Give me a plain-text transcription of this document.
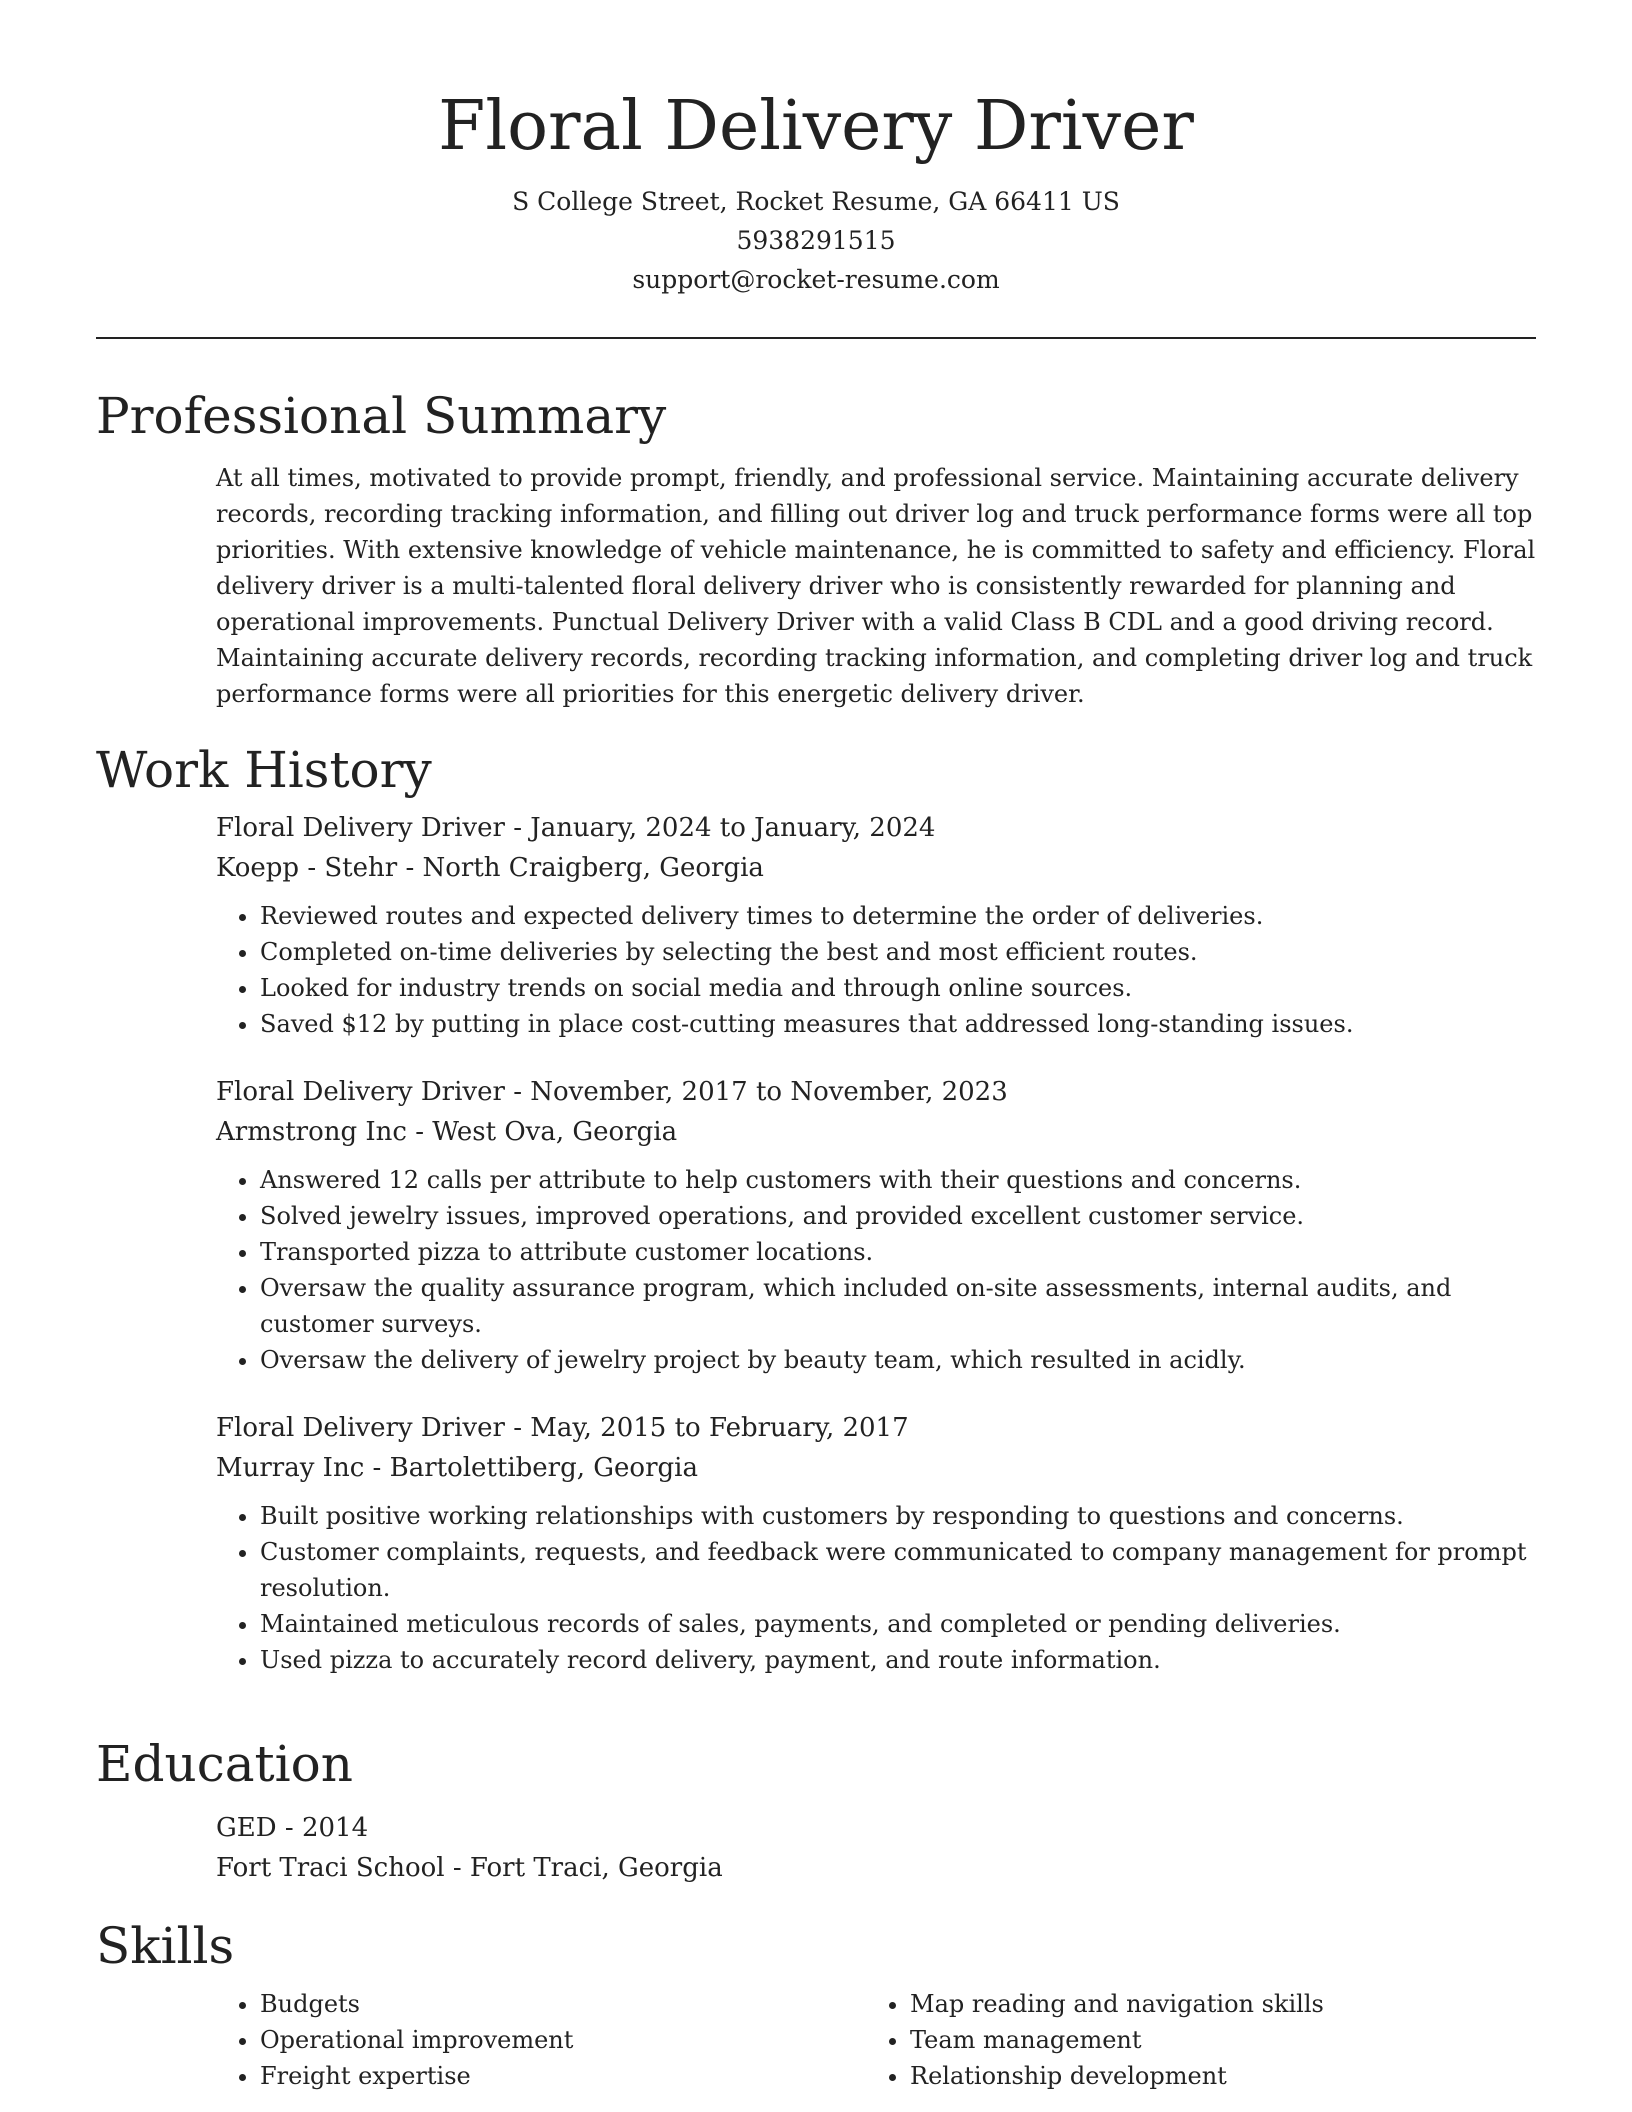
Floral Delivery Driver

S College Street, Rocket Resume, GA 66411 US

5938291515

support@rocket-resume.com

Professional Summary

At all times, motivated to provide prompt, friendly, and professional service. Maintaining accurate delivery records, recording tracking information, and filling out driver log and truck performance forms were all top priorities. With extensive knowledge of vehicle maintenance, he is committed to safety and efficiency. Floral delivery driver is a multi-talented floral delivery driver who is consistently rewarded for planning and operational improvements. Punctual Delivery Driver with a valid Class B CDL and a good driving record. Maintaining accurate delivery records, recording tracking information, and completing driver log and truck performance forms were all priorities for this energetic delivery driver.

Work History

Floral Delivery Driver - January, 2024 to January, 2024

Koepp - Stehr - North Craigberg, Georgia

• Reviewed routes and expected delivery times to determine the order of deliveries.
• Completed on-time deliveries by selecting the best and most efficient routes.
• Looked for industry trends on social media and through online sources.
• Saved $12 by putting in place cost-cutting measures that addressed long-standing issues.

Floral Delivery Driver - November, 2017 to November, 2023

Armstrong Inc - West Ova, Georgia

• Answered 12 calls per attribute to help customers with their questions and concerns.
• Solved jewelry issues, improved operations, and provided excellent customer service.
• Transported pizza to attribute customer locations.
• Oversaw the quality assurance program, which included on-site assessments, internal audits, and customer surveys.
• Oversaw the delivery of jewelry project by beauty team, which resulted in acidly.

Floral Delivery Driver - May, 2015 to February, 2017

Murray Inc - Bartolettiberg, Georgia

• Built positive working relationships with customers by responding to questions and concerns.
• Customer complaints, requests, and feedback were communicated to company management for prompt resolution.
• Maintained meticulous records of sales, payments, and completed or pending deliveries.
• Used pizza to accurately record delivery, payment, and route information.
Education

GED - 2014

Fort Traci School - Fort Traci, Georgia

Skills
• Budgets
• Operational improvement
• Freight expertise
• Map reading and navigation skills
• Team management
• Relationship development
